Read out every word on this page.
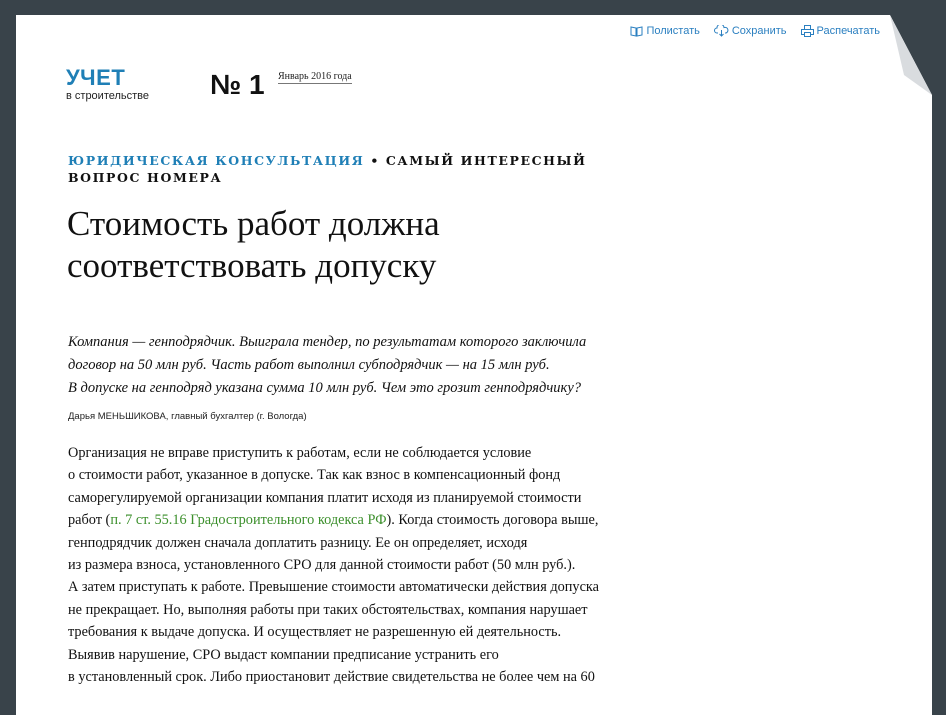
Полистать	Сохранить	Распечатать
УЧЕТ
в строительстве № 1 Январь 2016 года
ЮРИДИЧЕСКАЯ КОНСУЛЬТАЦИЯ • САМЫЙ ИНТЕРЕСНЫЙ
ВОПРОС НОМЕРА
Стоимость работ должна
соответствовать допуску
Компания — генподрядчик. Выиграла тендер, по результатам которого заключила
договор на 50 млн руб. Часть работ выполнил субподрядчик — на 15 млн руб.
В допуске на генподряд указана сумма 10 млн руб. Чем это грозит генподрядчику?
Дарья МЕНЬШИКОВА, главный бухгалтер (г. Вологда)
Организация не вправе приступить к работам, если не соблюдается условие
о стоимости работ, указанное в допуске. Так как взнос в компенсационный фонд
саморегулируемой организации компания платит исходя из планируемой стоимости
работ (п. 7 ст. 55.16 Градостроительного кодекса РФ). Когда стоимость договора выше,
генподрядчик должен сначала доплатить разницу. Ее он определяет, исходя
из размера взноса, установленного СРО для данной стоимости работ (50 млн руб.).
А затем приступать к работе. Превышение стоимости автоматически действия допуска
не прекращает. Но, выполняя работы при таких обстоятельствах, компания нарушает
требования к выдаче допуска. И осуществляет не разрешенную ей деятельность.
Выявив нарушение, СРО выдаст компании предписание устранить его
в установленный срок. Либо приостановит действие свидетельства не более чем на 60
